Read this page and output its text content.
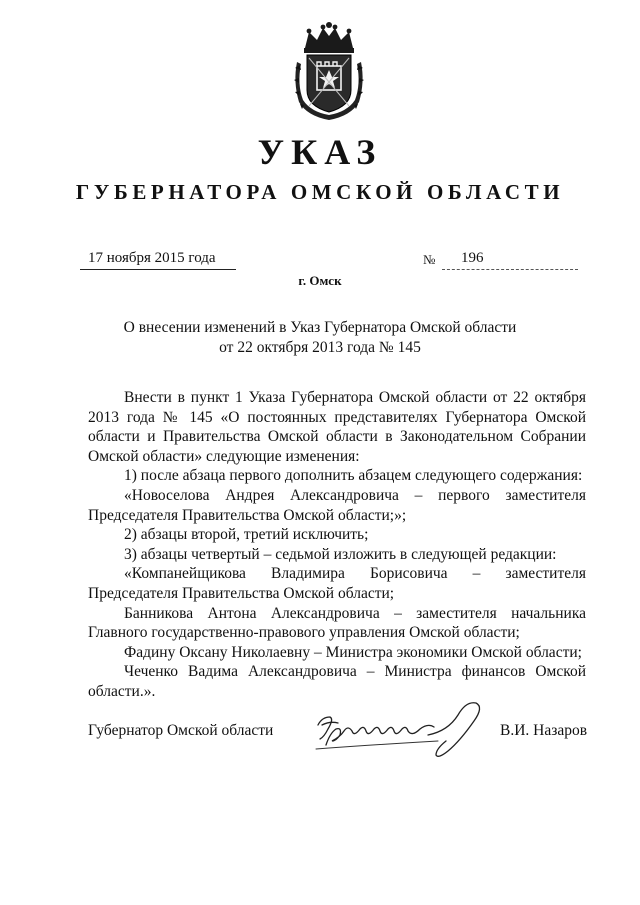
УКАЗ
ГУБЕРНАТОРА ОМСКОЙ ОБЛАСТИ
17 ноября 2015 года	№ 196
г. Омск
О внесении изменений в Указ Губернатора Омской области
от 22 октября 2013 года № 145

Внести в пункт 1 Указа Губернатора Омской области от 22 октября 2013 года № 145 «О постоянных представителях Губернатора Омской области и Правительства Омской области в Законодательном Собрании Омской области» следующие изменения:

1) после абзаца первого дополнить абзацем следующего содержания:

«Новоселова Андрея Александровича – первого заместителя Председателя Правительства Омской области;»;

2) абзацы второй, третий исключить;

3) абзацы четвертый – седьмой изложить в следующей редакции:

«Компанейщикова Владимира Борисовича – заместителя Председателя Правительства Омской области;

Банникова Антона Александровича – заместителя начальника Главного государственно-правового управления Омской области;

Фадину Оксану Николаевну – Министра экономики Омской области;

Чеченко Вадима Александровича – Министра финансов Омской области.».

Губернатор Омской области	В.И. Назаров
